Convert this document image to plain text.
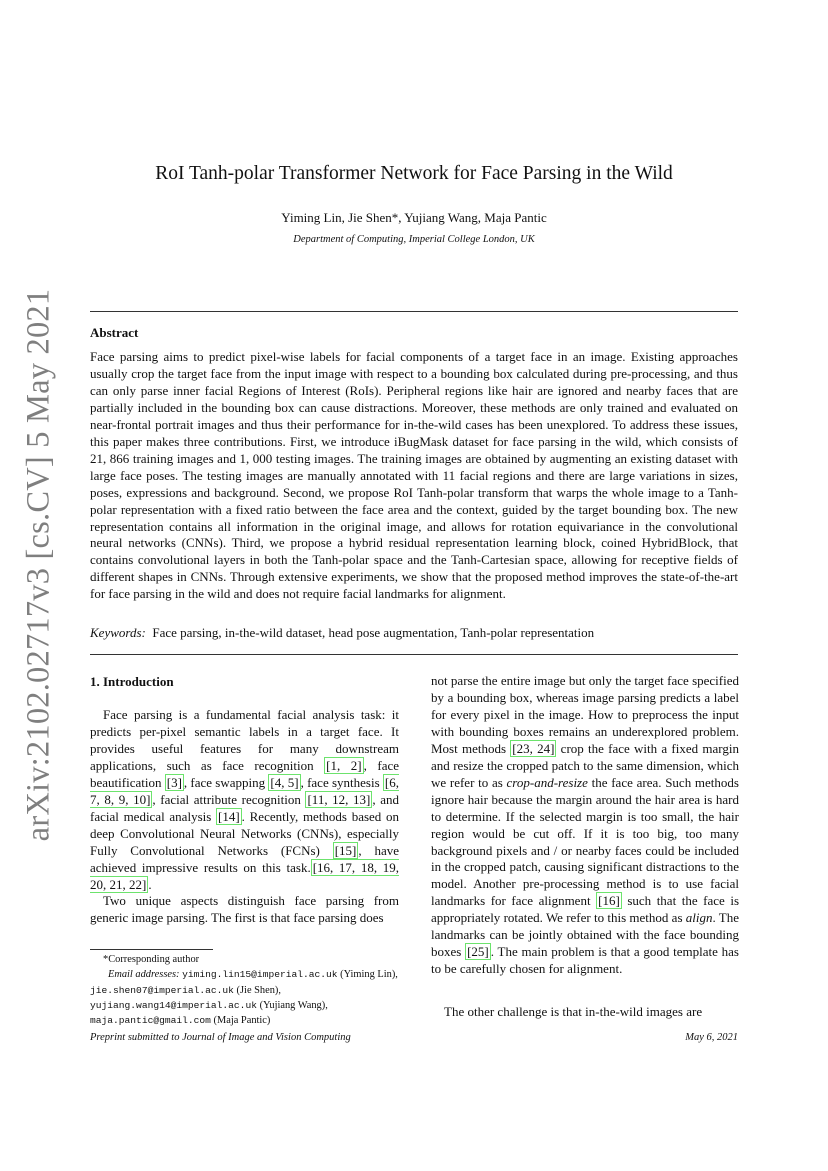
arXiv:2102.02717v3 [cs.CV] 5 May 2021
RoI Tanh-polar Transformer Network for Face Parsing in the Wild
Yiming Lin, Jie Shen*, Yujiang Wang, Maja Pantic
Department of Computing, Imperial College London, UK
Abstract
Face parsing aims to predict pixel-wise labels for facial components of a target face in an image. Existing approaches usually crop the target face from the input image with respect to a bounding box calculated during pre-processing, and thus can only parse inner facial Regions of Interest (RoIs). Peripheral regions like hair are ignored and nearby faces that are partially included in the bounding box can cause distractions. Moreover, these methods are only trained and evaluated on near-frontal portrait images and thus their performance for in-the-wild cases has been unexplored. To address these issues, this paper makes three contributions. First, we introduce iBugMask dataset for face parsing in the wild, which consists of 21, 866 training images and 1, 000 testing images. The training images are obtained by augmenting an existing dataset with large face poses. The testing images are manually annotated with 11 facial regions and there are large variations in sizes, poses, expressions and background. Second, we propose RoI Tanh-polar transform that warps the whole image to a Tanh-polar representation with a fixed ratio between the face area and the context, guided by the target bounding box. The new representation contains all information in the original image, and allows for rotation equivariance in the convolutional neural networks (CNNs). Third, we propose a hybrid residual representation learning block, coined HybridBlock, that contains convolutional layers in both the Tanh-polar space and the Tanh-Cartesian space, allowing for receptive fields of different shapes in CNNs. Through extensive experiments, we show that the proposed method improves the state-of-the-art for face parsing in the wild and does not require facial landmarks for alignment.
Keywords: Face parsing, in-the-wild dataset, head pose augmentation, Tanh-polar representation
1. Introduction

Face parsing is a fundamental facial analysis task: it predicts per-pixel semantic labels in a target face. It provides useful features for many downstream applications, such as face recognition [1, 2] , face beautification [3] , face swapping [4, 5] , face synthesis [6, 7, 8, 9, 10] , facial attribute recognition [11, 12, 13] , and facial medical analysis [14] . Recently, methods based on deep Convolutional Neural Networks (CNNs), especially Fully Convolutional Networks (FCNs) [15] , have achieved impressive results on this task. [16, 17, 18, 19, 20, 21, 22] .

Two unique aspects distinguish face parsing from generic image parsing. The first is that face parsing does

not parse the entire image but only the target face specified by a bounding box, whereas image parsing predicts a label for every pixel in the image. How to preprocess the input with bounding boxes remains an underexplored problem. Most methods [23, 24] crop the face with a fixed margin and resize the cropped patch to the same dimension, which we refer to as crop-and-resize the face area. Such methods ignore hair because the margin around the hair area is hard to determine. If the selected margin is too small, the hair region would be cut off. If it is too big, too many background pixels and / or nearby faces could be included in the cropped patch, causing significant distractions to the model. Another pre-processing method is to use facial landmarks for face alignment [16] such that the face is appropriately rotated. We refer to this method as align. The landmarks can be jointly obtained with the face bounding boxes [25] . The main problem is that a good template has to be carefully chosen for alignment.

The other challenge is that in-the-wild images are
*Corresponding author
Email addresses: yiming.lin15@imperial.ac.uk (Yiming Lin), jie.shen07@imperial.ac.uk (Jie Shen), yujiang.wang14@imperial.ac.uk (Yujiang Wang), maja.pantic@gmail.com (Maja Pantic)
Preprint submitted to Journal of Image and Vision Computing	May 6, 2021
